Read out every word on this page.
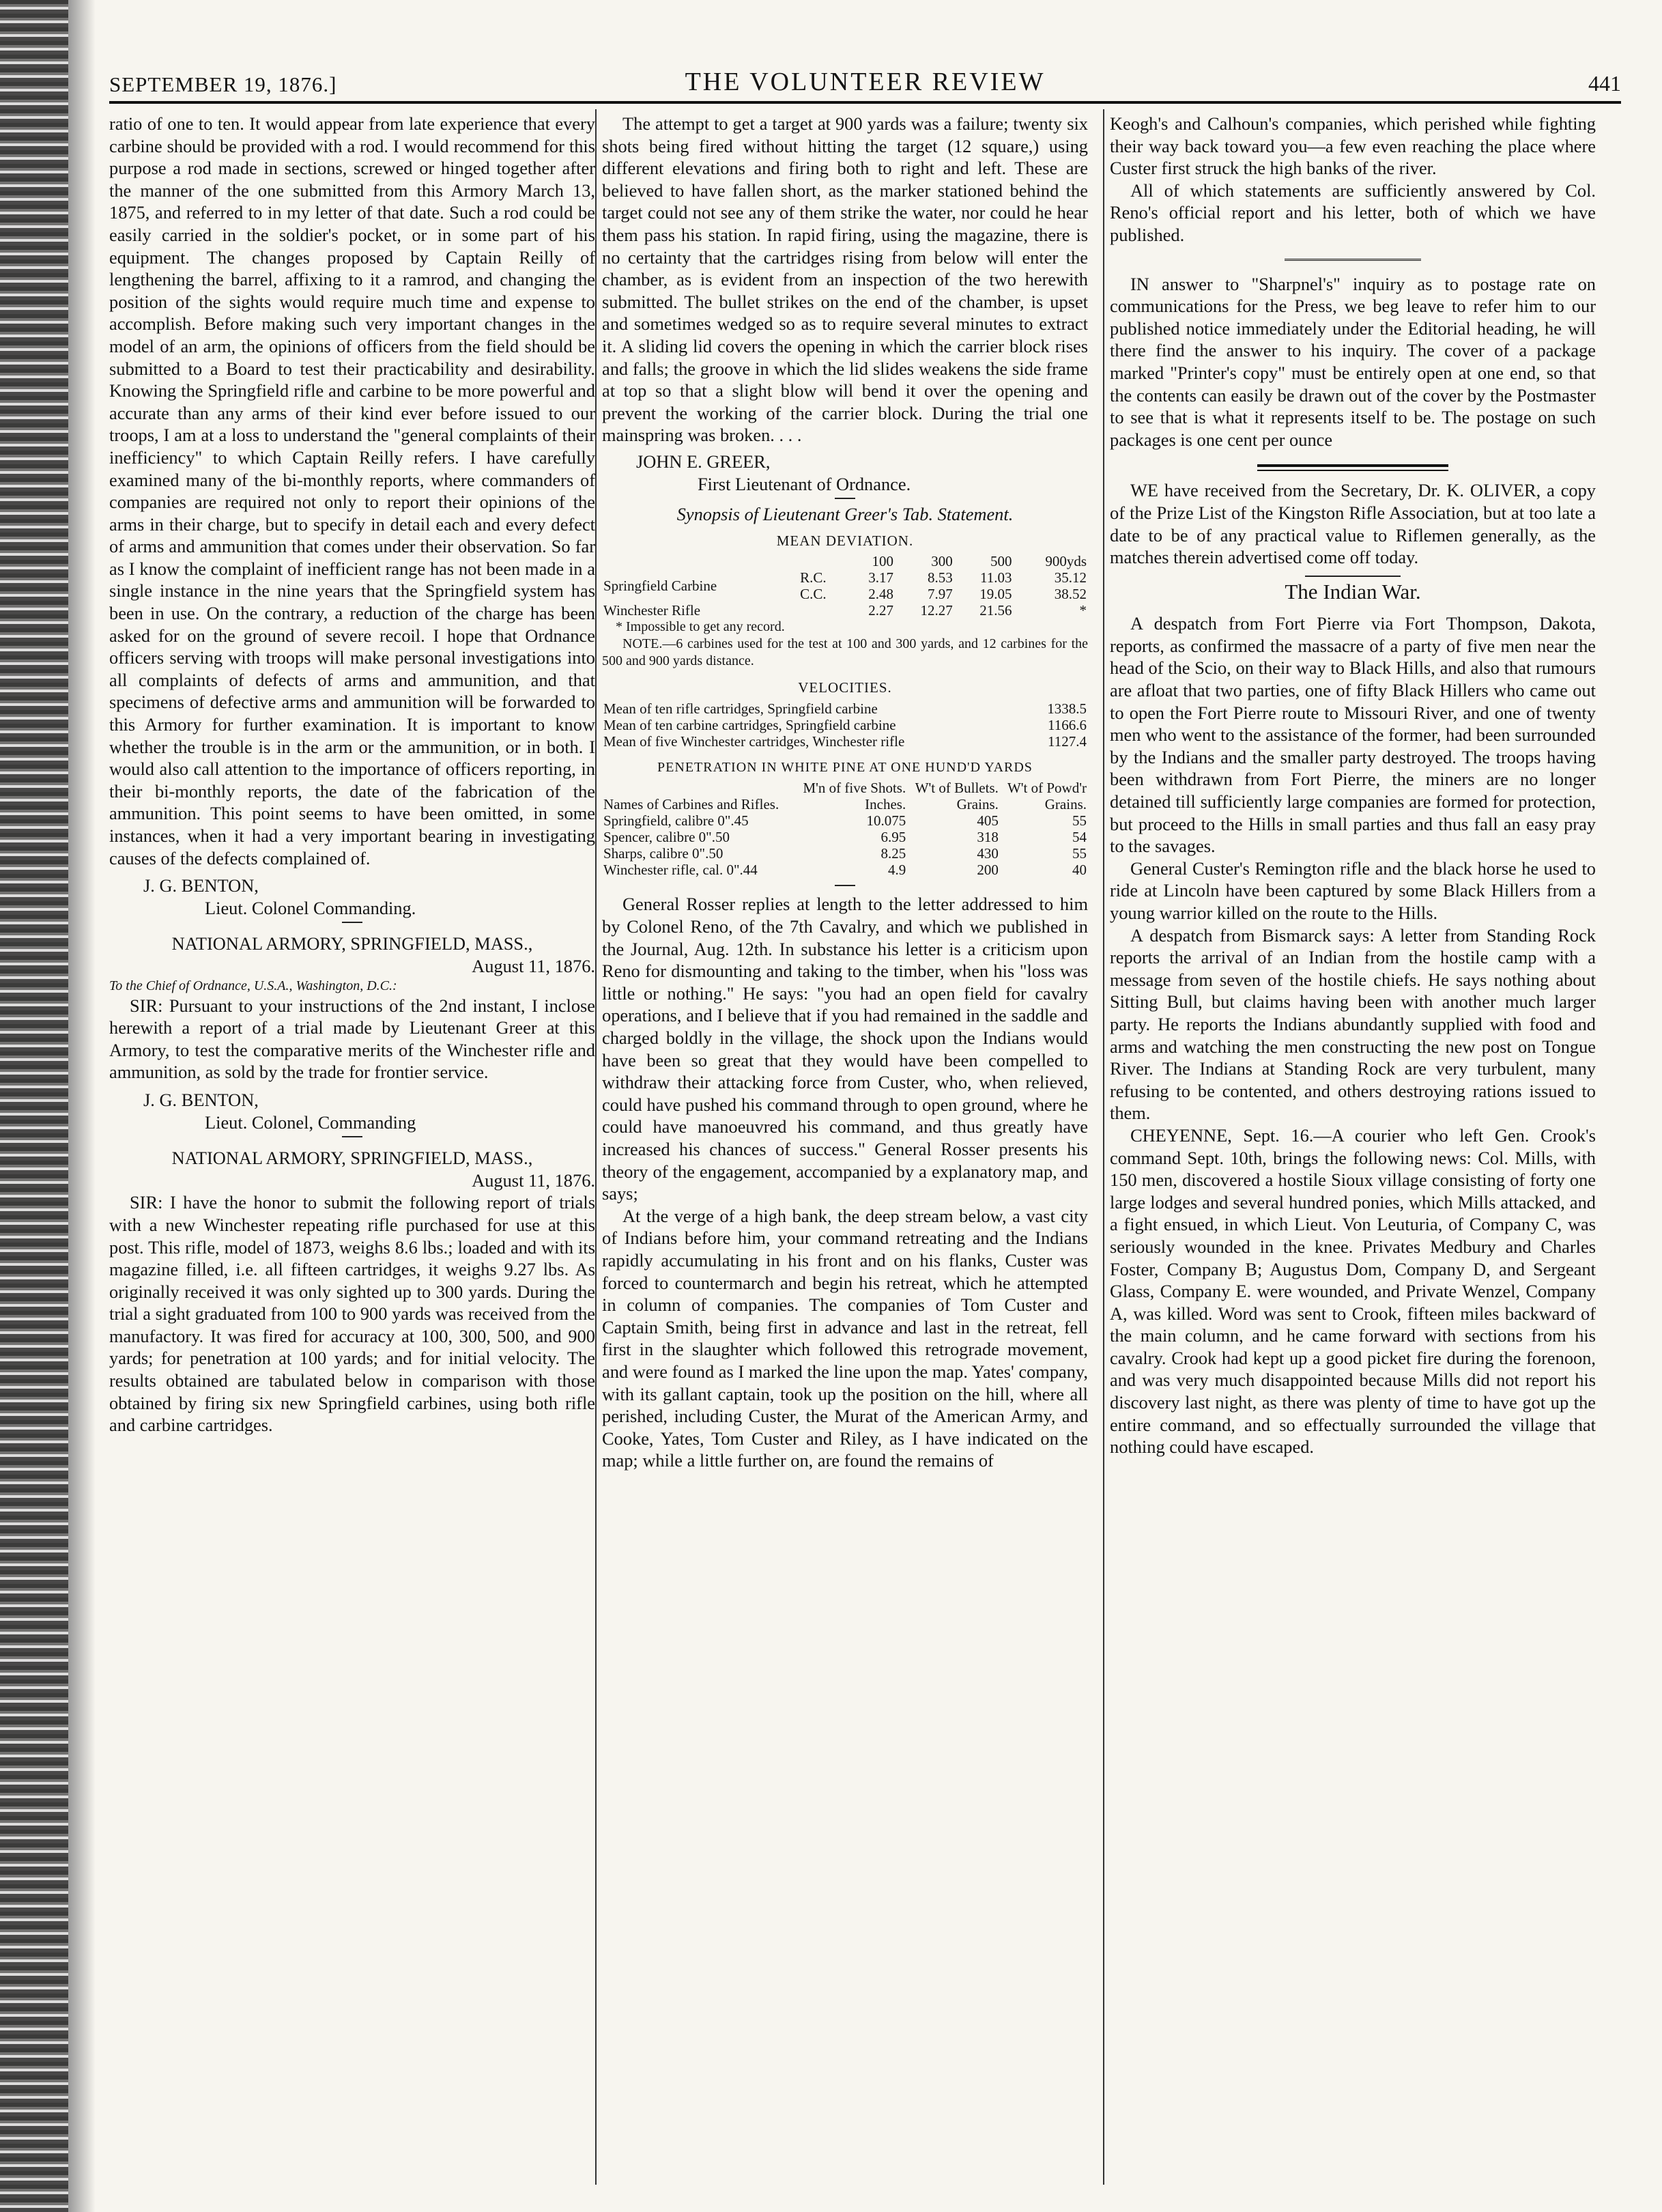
SEPTEMBER 19, 1876.]	THE VOLUNTEER REVIEW	441

ratio of one to ten. It would appear from late experience that every carbine should be provided with a rod. I would recommend for this purpose a rod made in sections, screwed or hinged together after the manner of the one submitted from this Armory March 13, 1875, and referred to in my letter of that date. Such a rod could be easily carried in the soldier's pocket, or in some part of his equipment. The changes proposed by Captain Reilly of lengthening the barrel, affixing to it a ramrod, and changing the position of the sights would require much time and expense to accomplish. Before making such very important changes in the model of an arm, the opinions of officers from the field should be submitted to a Board to test their practicability and desirability. Knowing the Springfield rifle and carbine to be more powerful and accurate than any arms of their kind ever before issued to our troops, I am at a loss to understand the "general complaints of their inefficiency" to which Captain Reilly refers. I have carefully examined many of the bi-monthly reports, where commanders of companies are required not only to report their opinions of the arms in their charge, but to specify in detail each and every defect of arms and ammunition that comes under their observation. So far as I know the complaint of inefficient range has not been made in a single instance in the nine years that the Springfield system has been in use. On the contrary, a reduction of the charge has been asked for on the ground of severe recoil. I hope that Ordnance officers serving with troops will make personal investigations into all complaints of defects of arms and ammunition, and that specimens of defective arms and ammunition will be forwarded to this Armory for further examination. It is important to know whether the trouble is in the arm or the ammunition, or in both. I would also call attention to the importance of officers reporting, in their bi-monthly reports, the date of the fabrication of the ammunition. This point seems to have been omitted, in some instances, when it had a very important bearing in investigating causes of the defects complained of.

J. G. BENTON,

Lieut. Colonel Commanding.

NATIONAL ARMORY, SPRINGFIELD, MASS.,

August 11, 1876.

To the Chief of Ordnance, U.S.A., Washington, D.C.:

SIR: Pursuant to your instructions of the 2nd instant, I inclose herewith a report of a trial made by Lieutenant Greer at this Armory, to test the comparative merits of the Winchester rifle and ammunition, as sold by the trade for frontier service.

J. G. BENTON,

Lieut. Colonel, Commanding

NATIONAL ARMORY, SPRINGFIELD, MASS.,

August 11, 1876.

SIR: I have the honor to submit the following report of trials with a new Winchester repeating rifle purchased for use at this post. This rifle, model of 1873, weighs 8.6 lbs.; loaded and with its magazine filled, i.e. all fifteen cartridges, it weighs 9.27 lbs. As originally received it was only sighted up to 300 yards. During the trial a sight graduated from 100 to 900 yards was received from the manufactory. It was fired for accuracy at 100, 300, 500, and 900 yards; for penetration at 100 yards; and for initial velocity. The results obtained are tabulated below in comparison with those obtained by firing six new Springfield carbines, using both rifle and carbine cartridges.

The attempt to get a target at 900 yards was a failure; twenty six shots being fired without hitting the target (12 square,) using different elevations and firing both to right and left. These are believed to have fallen short, as the marker stationed behind the target could not see any of them strike the water, nor could he hear them pass his station. In rapid firing, using the magazine, there is no certainty that the cartridges rising from below will enter the chamber, as is evident from an inspection of the two herewith submitted. The bullet strikes on the end of the chamber, is upset and sometimes wedged so as to require several minutes to extract it. A sliding lid covers the opening in which the carrier block rises and falls; the groove in which the lid slides weakens the side frame at top so that a slight blow will bend it over the opening and prevent the working of the carrier block. During the trial one mainspring was broken. . . .

JOHN E. GREER,

First Lieutenant of Ordnance.

Synopsis of Lieutenant Greer's Tab. Statement.

MEAN DEVIATION.

		100	300	500	900yds
Springfield Carbine	R.C.	3.17	8.53	11.03	35.12
	C.C.	2.48	7.97	19.05	38.52
Winchester Rifle		2.27	12.27	21.56	*

* Impossible to get any record.

NOTE.—6 carbines used for the test at 100 and 300 yards, and 12 carbines for the 500 and 900 yards distance.

VELOCITIES.

Mean of ten rifle cartridges, Springfield carbine	1338.5
Mean of ten carbine cartridges, Springfield carbine	1166.6
Mean of five Winchester cartridges, Winchester rifle	1127.4

PENETRATION IN WHITE PINE AT ONE HUND'D YARDS

	M'n of five Shots.	W't of Bullets.	W't of Powd'r
Names of Carbines and Rifles.	Inches.	Grains.	Grains.
Springfield, calibre 0".45	10.075	405	55
Spencer, calibre 0".50	6.95	318	54
Sharps, calibre 0".50	8.25	430	55
Winchester rifle, cal. 0".44	4.9	200	40

General Rosser replies at length to the letter addressed to him by Colonel Reno, of the 7th Cavalry, and which we published in the Journal, Aug. 12th. In substance his letter is a criticism upon Reno for dismounting and taking to the timber, when his "loss was little or nothing." He says: "you had an open field for cavalry operations, and I believe that if you had remained in the saddle and charged boldly in the village, the shock upon the Indians would have been so great that they would have been compelled to withdraw their attacking force from Custer, who, when relieved, could have pushed his command through to open ground, where he could have manoeuvred his command, and thus greatly have increased his chances of success." General Rosser presents his theory of the engagement, accompanied by a explanatory map, and says;

At the verge of a high bank, the deep stream below, a vast city of Indians before him, your command retreating and the Indians rapidly accumulating in his front and on his flanks, Custer was forced to countermarch and begin his retreat, which he attempted in column of companies. The companies of Tom Custer and Captain Smith, being first in advance and last in the retreat, fell first in the slaughter which followed this retrograde movement, and were found as I marked the line upon the map. Yates' company, with its gallant captain, took up the position on the hill, where all perished, including Custer, the Murat of the American Army, and Cooke, Yates, Tom Custer and Riley, as I have indicated on the map; while a little further on, are found the remains of

Keogh's and Calhoun's companies, which perished while fighting their way back toward you—a few even reaching the place where Custer first struck the high banks of the river.

All of which statements are sufficiently answered by Col. Reno's official report and his letter, both of which we have published.

IN answer to "Sharpnel's" inquiry as to postage rate on communications for the Press, we beg leave to refer him to our published notice immediately under the Editorial heading, he will there find the answer to his inquiry. The cover of a package marked "Printer's copy" must be entirely open at one end, so that the contents can easily be drawn out of the cover by the Postmaster to see that is what it represents itself to be. The postage on such packages is one cent per ounce

WE have received from the Secretary, Dr. K. OLIVER, a copy of the Prize List of the Kingston Rifle Association, but at too late a date to be of any practical value to Riflemen generally, as the matches therein advertised come off today.

The Indian War.

A despatch from Fort Pierre via Fort Thompson, Dakota, reports, as confirmed the massacre of a party of five men near the head of the Scio, on their way to Black Hills, and also that rumours are afloat that two parties, one of fifty Black Hillers who came out to open the Fort Pierre route to Missouri River, and one of twenty men who went to the assistance of the former, had been surrounded by the Indians and the smaller party destroyed. The troops having been withdrawn from Fort Pierre, the miners are no longer detained till sufficiently large companies are formed for protection, but proceed to the Hills in small parties and thus fall an easy pray to the savages.

General Custer's Remington rifle and the black horse he used to ride at Lincoln have been captured by some Black Hillers from a young warrior killed on the route to the Hills.

A despatch from Bismarck says: A letter from Standing Rock reports the arrival of an Indian from the hostile camp with a message from seven of the hostile chiefs. He says nothing about Sitting Bull, but claims having been with another much larger party. He reports the Indians abundantly supplied with food and arms and watching the men constructing the new post on Tongue River. The Indians at Standing Rock are very turbulent, many refusing to be contented, and others destroying rations issued to them.

CHEYENNE, Sept. 16.—A courier who left Gen. Crook's command Sept. 10th, brings the following news: Col. Mills, with 150 men, discovered a hostile Sioux village consisting of forty one large lodges and several hundred ponies, which Mills attacked, and a fight ensued, in which Lieut. Von Leuturia, of Company C, was seriously wounded in the knee. Privates Medbury and Charles Foster, Company B; Augustus Dom, Company D, and Sergeant Glass, Company E. were wounded, and Private Wenzel, Company A, was killed. Word was sent to Crook, fifteen miles backward of the main column, and he came forward with sections from his cavalry. Crook had kept up a good picket fire during the forenoon, and was very much disappointed because Mills did not report his discovery last night, as there was plenty of time to have got up the entire command, and so effectually surrounded the village that nothing could have escaped.
